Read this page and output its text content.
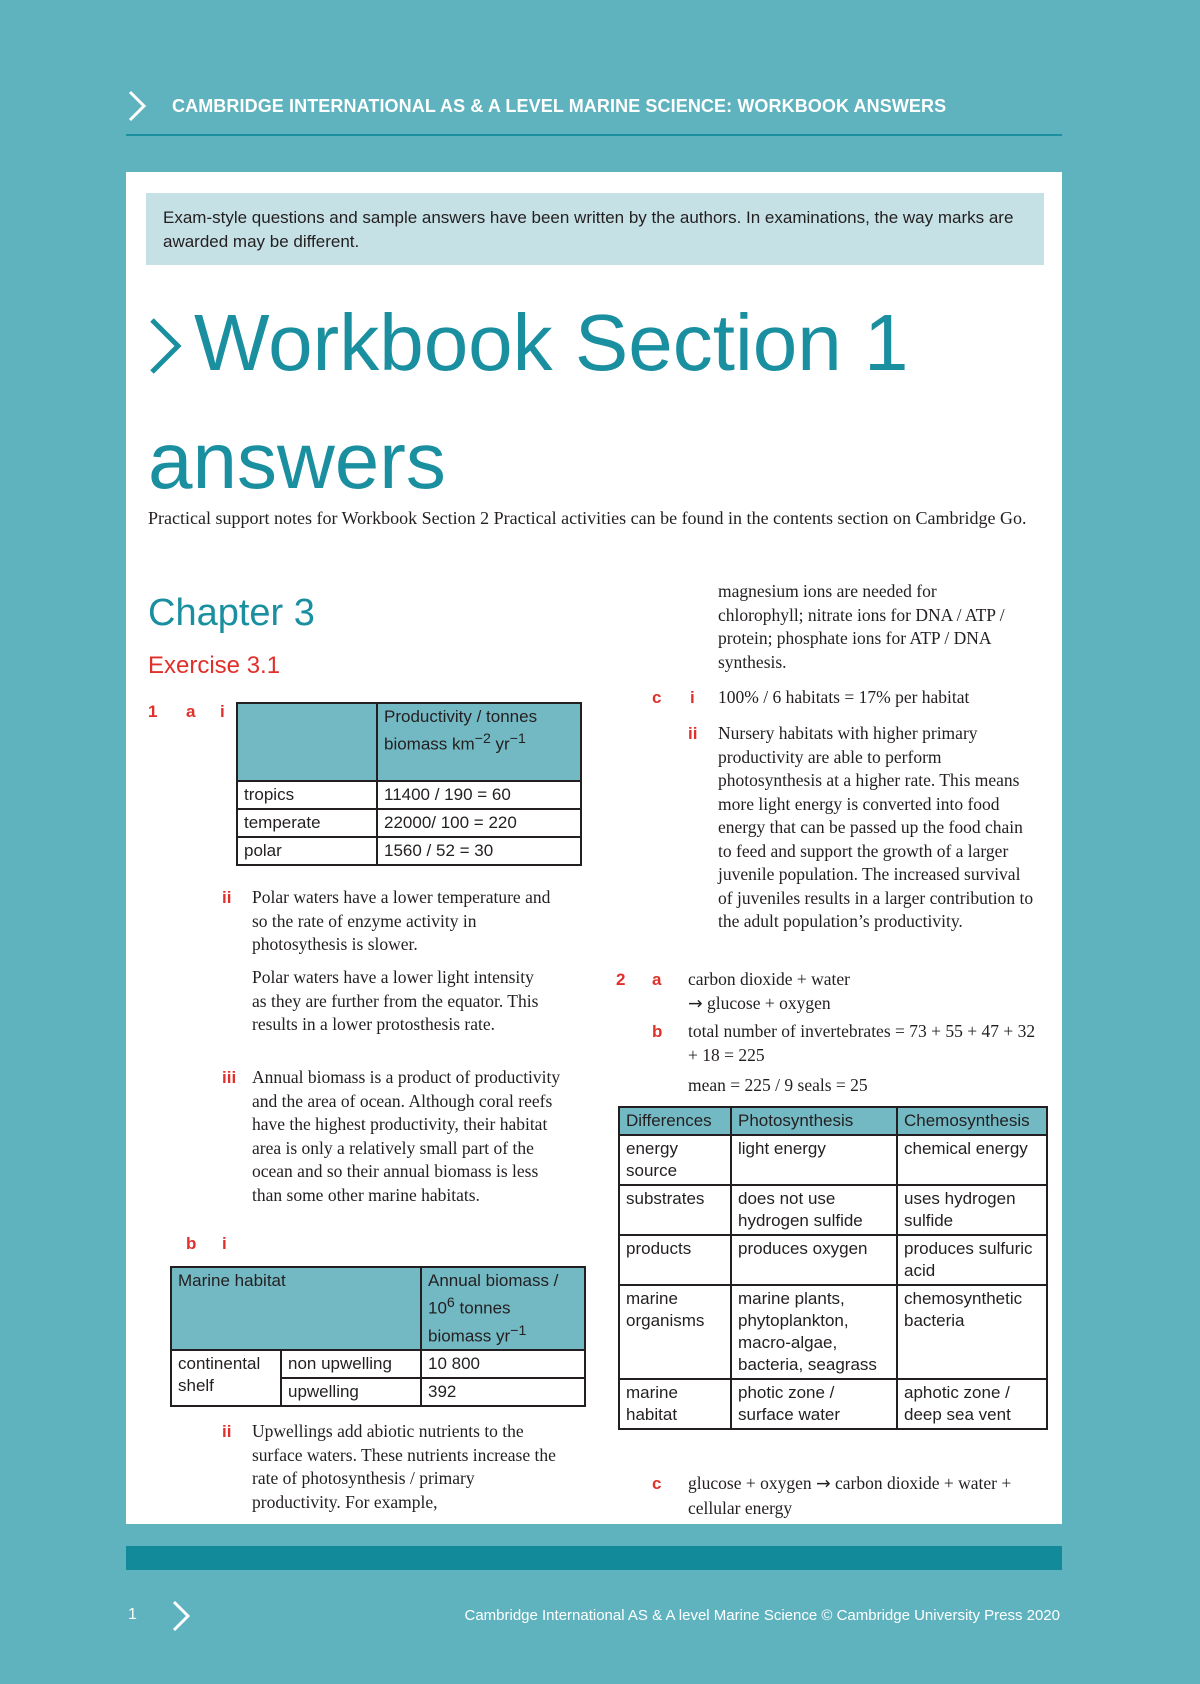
CAMBRIDGE INTERNATIONAL AS & A LEVEL MARINE SCIENCE: WORKBOOK ANSWERS
Exam-style questions and sample answers have been written by the authors. In examinations, the way marks are awarded may be different.
Workbook Section 1
answers
Practical support notes for Workbook Section 2 Practical activities can be found in the contents section on Cambridge Go.
Chapter 3
Exercise 3.1
1 a i
		Productivity / tonnes biomass $km^{-2}$ $yr^{-1}$
tropics	11400 / 190 = 60
temperate	22000/ 100 = 220
polar	1560 / 52 = 30
ii Polar waters have a lower temperature and so the rate of enzyme activity in photosythesis is slower.
Polar waters have a lower light intensity as they are further from the equator. This results in a lower protosthesis rate.
iii Annual biomass is a product of productivity and the area of ocean. Although coral reefs have the highest productivity, their habitat area is only a relatively small part of the ocean and so their annual biomass is less than some other marine habitats.
b i
Marine habitat		Annual biomass / $10^6$ tonnes biomass $yr^{-1}$
continental shelf	non upwelling	10 800
	upwelling	392
ii Upwellings add abiotic nutrients to the surface waters. These nutrients increase the rate of photosynthesis / primary productivity. For example,
magnesium ions are needed for chlorophyll; nitrate ions for DNA / ATP / protein; phosphate ions for ATP / DNA synthesis.
c i 100% / 6 habitats = 17% per habitat
ii Nursery habitats with higher primary productivity are able to perform photosynthesis at a higher rate. This means more light energy is converted into food energy that can be passed up the food chain to feed and support the growth of a larger juvenile population. The increased survival of juveniles results in a larger contribution to the adult population’s productivity.
2 a carbon dioxide + water
→ glucose + oxygen
b total number of invertebrates = 73 + 55 + 47 + 32 + 18 = 225
mean = 225 / 9 seals = 25
Differences	Photosynthesis	Chemosynthesis
energy source	light energy	chemical energy
substrates	does not use hydrogen sulfide	uses hydrogen sulfide
products	produces oxygen	produces sulfuric acid
marine organisms	marine plants, phytoplankton, macro-algae, bacteria, seagrass	chemosynthetic bacteria
marine habitat	photic zone / surface water	aphotic zone / deep sea vent
c glucose + oxygen → carbon dioxide + water + cellular energy
1	Cambridge International AS & A level Marine Science © Cambridge University Press 2020
